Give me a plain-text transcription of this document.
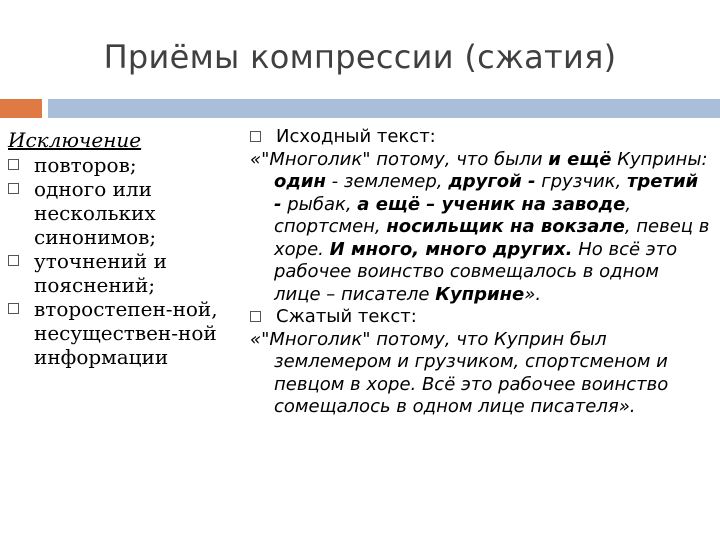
Приёмы компрессии (сжатия)
Исключение
повторов;
одного или нескольких синонимов;
уточнений и пояснений;
второстепен-ной, несуществен-ной информации
Исходный текст:
«"Многолик" потому, что были и ещё Куприны: один - землемер, другой - грузчик, третий - рыбак, а ещё – ученик на заводе, спортсмен, носильщик на вокзале, певец в хоре. И много, много других. Но всё это рабочее воинство совмещалось в одном лице – писателе Куприне».
Сжатый текст:
«"Многолик" потому, что Куприн был землемером и грузчиком, спортсменом и певцом в хоре. Всё это рабочее воинство сомещалось в одном лице писателя».
